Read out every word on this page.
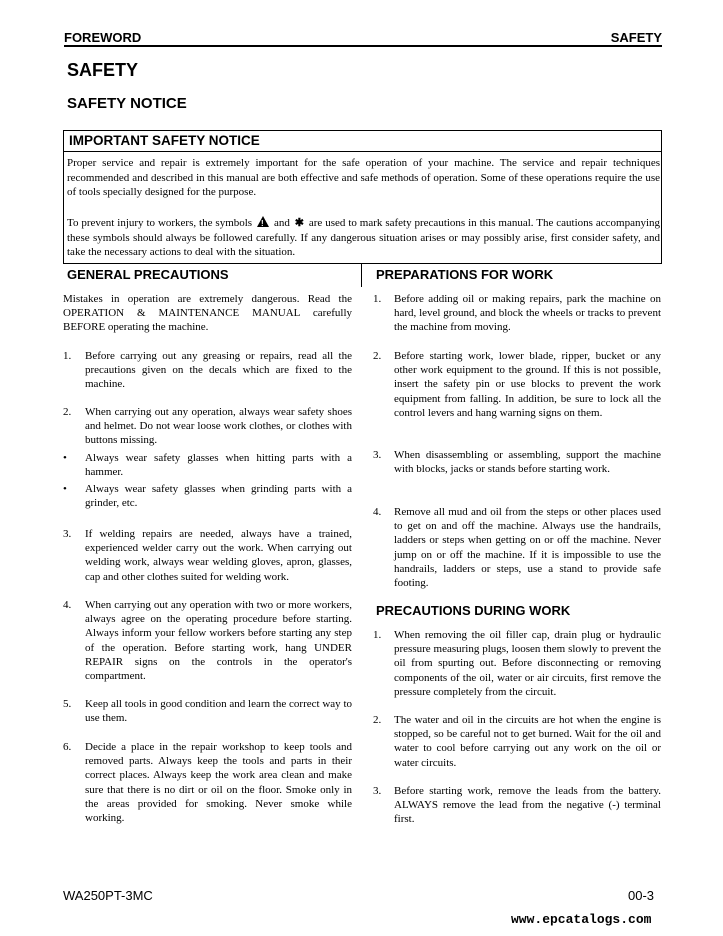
FOREWORD	SAFETY
SAFETY
SAFETY NOTICE
IMPORTANT SAFETY NOTICE
Proper service and repair is extremely important for the safe operation of your machine. The service and repair techniques recommended and described in this manual are both effective and safe methods of operation. Some of these operations require the use of tools specially designed for the purpose.
To prevent injury to workers, the symbols ! and ✱ are used to mark safety precautions in this manual. The cautions accompanying these symbols should always be followed carefully. If any dangerous situation arises or may possibly arise, first consider safety, and take the necessary actions to deal with the situation.
GENERAL PRECAUTIONS
Mistakes in operation are extremely dangerous. Read the OPERATION & MAINTENANCE MANUAL carefully BEFORE operating the machine.
1. Before carrying out any greasing or repairs, read all the precautions given on the decals which are fixed to the machine.
2. When carrying out any operation, always wear safety shoes and helmet. Do not wear loose work clothes, or clothes with buttons missing.
• Always wear safety glasses when hitting parts with a hammer.
• Always wear safety glasses when grinding parts with a grinder, etc.
3. If welding repairs are needed, always have a trained, experienced welder carry out the work. When carrying out welding work, always wear welding gloves, apron, glasses, cap and other clothes suited for welding work.
4. When carrying out any operation with two or more workers, always agree on the operating procedure before starting. Always inform your fellow workers before starting any step of the operation. Before starting work, hang UNDER REPAIR signs on the controls in the operator's compartment.
5. Keep all tools in good condition and learn the correct way to use them.
6. Decide a place in the repair workshop to keep tools and removed parts. Always keep the tools and parts in their correct places. Always keep the work area clean and make sure that there is no dirt or oil on the floor. Smoke only in the areas provided for smoking. Never smoke while working.
PREPARATIONS FOR WORK
1. Before adding oil or making repairs, park the machine on hard, level ground, and block the wheels or tracks to prevent the machine from moving.
2. Before starting work, lower blade, ripper, bucket or any other work equipment to the ground. If this is not possible, insert the safety pin or use blocks to prevent the work equipment from falling. In addition, be sure to lock all the control levers and hang warning signs on them.
3. When disassembling or assembling, support the machine with blocks, jacks or stands before starting work.
4. Remove all mud and oil from the steps or other places used to get on and off the machine. Always use the handrails, ladders or steps when getting on or off the machine. Never jump on or off the machine. If it is impossible to use the handrails, ladders or steps, use a stand to provide safe footing.
PRECAUTIONS DURING WORK
1. When removing the oil filler cap, drain plug or hydraulic pressure measuring plugs, loosen them slowly to prevent the oil from spurting out. Before disconnecting or removing components of the oil, water or air circuits, first remove the pressure completely from the circuit.
2. The water and oil in the circuits are hot when the engine is stopped, so be careful not to get burned. Wait for the oil and water to cool before carrying out any work on the oil or water circuits.
3. Before starting work, remove the leads from the battery. ALWAYS remove the lead from the negative (-) terminal first.
WA250PT-3MC	00-3
www.epcatalogs.com
